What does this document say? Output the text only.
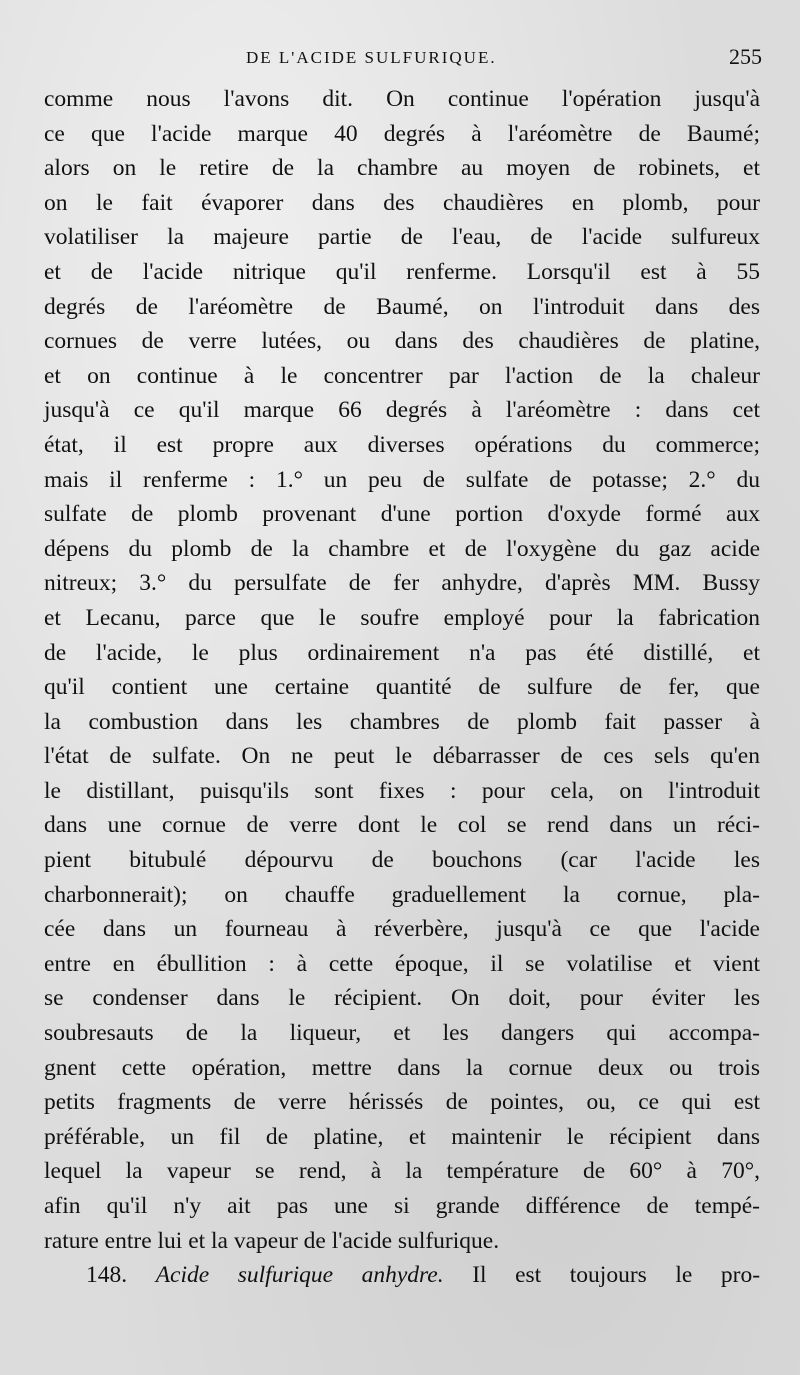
DE L'ACIDE SULFURIQUE.	255
comme nous l'avons dit. On continue l'opération jusqu'à
ce que l'acide marque 40 degrés à l'aréomètre de Baumé;
alors on le retire de la chambre au moyen de robinets, et
on le fait évaporer dans des chaudières en plomb, pour
volatiliser la majeure partie de l'eau, de l'acide sulfureux
et de l'acide nitrique qu'il renferme. Lorsqu'il est à 55
degrés de l'aréomètre de Baumé, on l'introduit dans des
cornues de verre lutées, ou dans des chaudières de platine,
et on continue à le concentrer par l'action de la chaleur
jusqu'à ce qu'il marque 66 degrés à l'aréomètre : dans cet
état, il est propre aux diverses opérations du commerce;
mais il renferme : 1.° un peu de sulfate de potasse; 2.° du
sulfate de plomb provenant d'une portion d'oxyde formé aux
dépens du plomb de la chambre et de l'oxygène du gaz acide
nitreux; 3.° du persulfate de fer anhydre, d'après MM. Bussy
et Lecanu, parce que le soufre employé pour la fabrication
de l'acide, le plus ordinairement n'a pas été distillé, et
qu'il contient une certaine quantité de sulfure de fer, que
la combustion dans les chambres de plomb fait passer à
l'état de sulfate. On ne peut le débarrasser de ces sels qu'en
le distillant, puisqu'ils sont fixes : pour cela, on l'introduit
dans une cornue de verre dont le col se rend dans un réci-
pient bitubulé dépourvu de bouchons (car l'acide les
charbonnerait); on chauffe graduellement la cornue, pla-
cée dans un fourneau à réverbère, jusqu'à ce que l'acide
entre en ébullition : à cette époque, il se volatilise et vient
se condenser dans le récipient. On doit, pour éviter les
soubresauts de la liqueur, et les dangers qui accompa-
gnent cette opération, mettre dans la cornue deux ou trois
petits fragments de verre hérissés de pointes, ou, ce qui est
préférable, un fil de platine, et maintenir le récipient dans
lequel la vapeur se rend, à la température de 60° à 70°,
afin qu'il n'y ait pas une si grande différence de tempé-
rature entre lui et la vapeur de l'acide sulfurique.
148. Acide sulfurique anhydre. Il est toujours le pro-
